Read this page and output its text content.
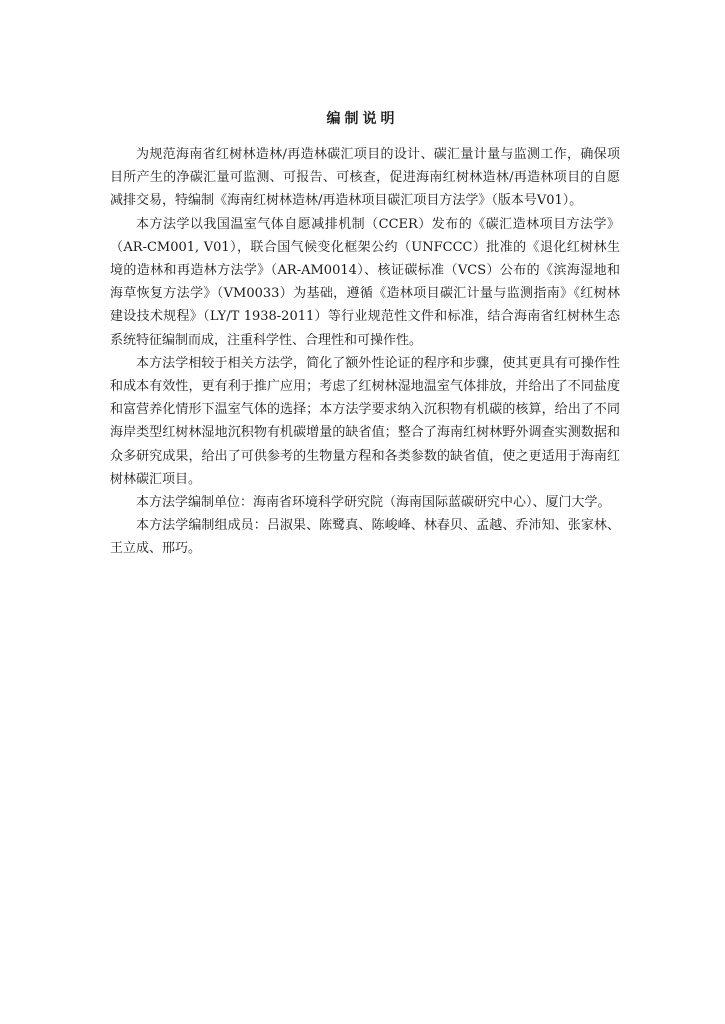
编制说明

为规范海南省红树林造林/再造林碳汇项目的设计、碳汇量计量与监测工作，确保项目所产生的净碳汇量可监测、可报告、可核查，促进海南红树林造林/再造林项目的自愿减排交易，特编制《海南红树林造林/再造林项目碳汇项目方法学》（版本号V01）。

本方法学以我国温室气体自愿减排机制（CCER）发布的《碳汇造林项目方法学》（AR-CM001, V01），联合国气候变化框架公约（UNFCCC）批准的《退化红树林生境的造林和再造林方法学》（AR-AM0014）、核证碳标准（VCS）公布的《滨海湿地和海草恢复方法学》（VM0033）为基础，遵循《造林项目碳汇计量与监测指南》《红树林建设技术规程》（LY/T 1938-2011）等行业规范性文件和标准，结合海南省红树林生态系统特征编制而成，注重科学性、合理性和可操作性。

本方法学相较于相关方法学，简化了额外性论证的程序和步骤，使其更具有可操作性和成本有效性，更有利于推广应用；考虑了红树林湿地温室气体排放，并给出了不同盐度和富营养化情形下温室气体的选择；本方法学要求纳入沉积物有机碳的核算，给出了不同海岸类型红树林湿地沉积物有机碳增量的缺省值；整合了海南红树林野外调查实测数据和众多研究成果，给出了可供参考的生物量方程和各类参数的缺省值，使之更适用于海南红树林碳汇项目。

本方法学编制单位：海南省环境科学研究院（海南国际蓝碳研究中心）、厦门大学。

本方法学编制组成员：吕淑果、陈鹭真、陈峻峰、林春贝、孟越、乔沛知、张家林、王立成、邢巧。
